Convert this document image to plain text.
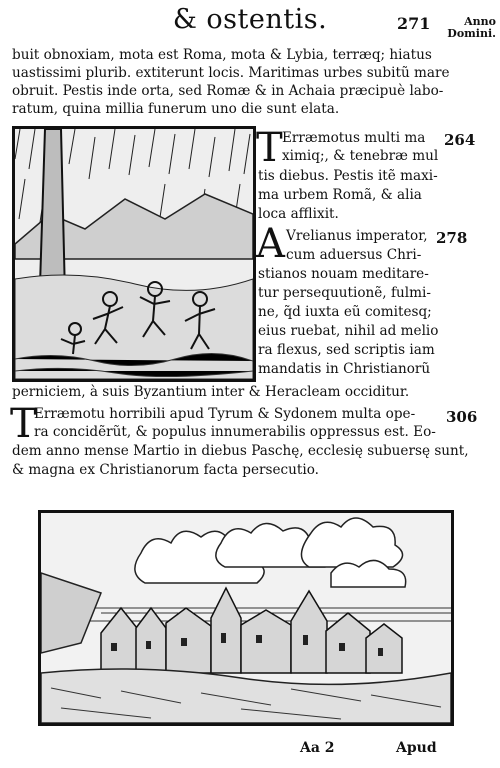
& ostentis.	271	Anno Domini.
buit obnoxiam, mota est Roma, mota & Lybia, terræq; hiatus
uastissimi plurib. extiterunt locis. Maritimas urbes subitũ mare
obruit. Pestis inde orta, sed Romæ & in Achaia præcipuè labo-
ratum, quina millia funerum uno die sunt elata.
T	264
Erræmotus multi ma
ximiq;, & tenebræ mul
tis diebus. Pestis itẽ maxi-
ma urbem Romã, & alia
loca afflixit.
A	278
Vrelianus imperator,
cum aduersus Chri-
stianos nouam meditare-
tur persequutionẽ, fulmi-
ne, q̃d iuxta eũ comitesq;
eius ruebat, nihil ad melio
ra flexus, sed scriptis iam
mandatis in Christianorũ
perniciem, à suis Byzantium inter & Heracleam occiditur.
T	306
Erræmotu horribili apud Tyrum & Sydonem multa ope-
ra concidẽrũt, & populus innumerabilis oppressus est. Eo-
dem anno mense Martio in diebus Paschę, ecclesię subuersę sunt,
& magna ex Christianorum facta persecutio.
Aa 2	Apud
